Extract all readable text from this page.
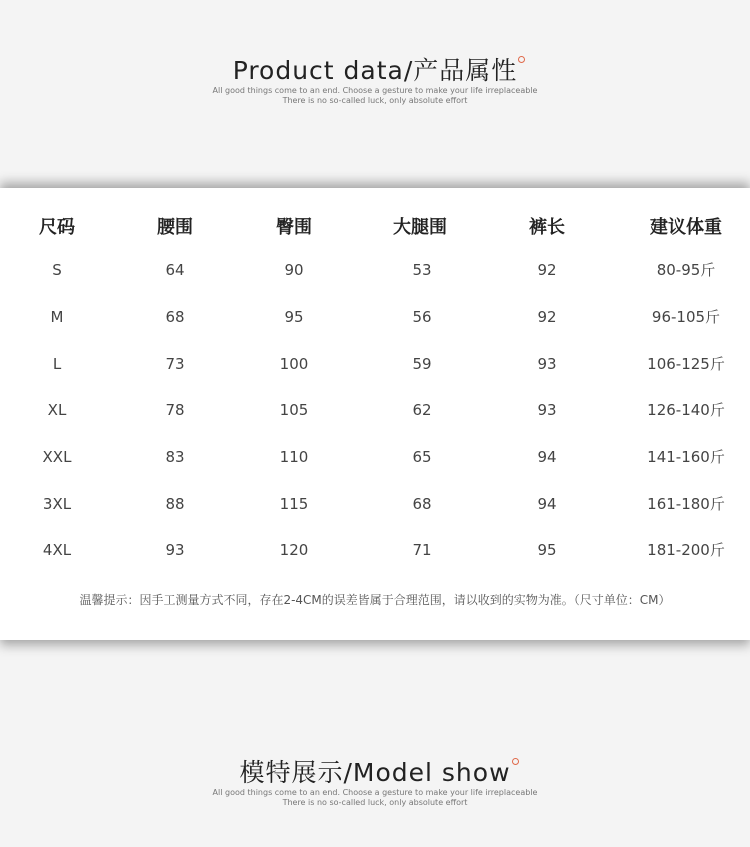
Product data/产品属性
All good things come to an end. Choose a gesture to make your life irreplaceable
There is no so-called luck, only absolute effort
尺码	腰围	臀围	大腿围	裤长	建议体重
S	64	90	53	92	80-95斤
M	68	95	56	92	96-105斤
L	73	100	59	93	106-125斤
XL	78	105	62	93	126-140斤
XXL	83	110	65	94	141-160斤
3XL	88	115	68	94	161-180斤
4XL	93	120	71	95	181-200斤
温馨提示：因手工测量方式不同，存在2-4CM的误差皆属于合理范围，请以收到的实物为准。（尺寸单位：CM）
模特展示/Model show
All good things come to an end. Choose a gesture to make your life irreplaceable
There is no so-called luck, only absolute effort
